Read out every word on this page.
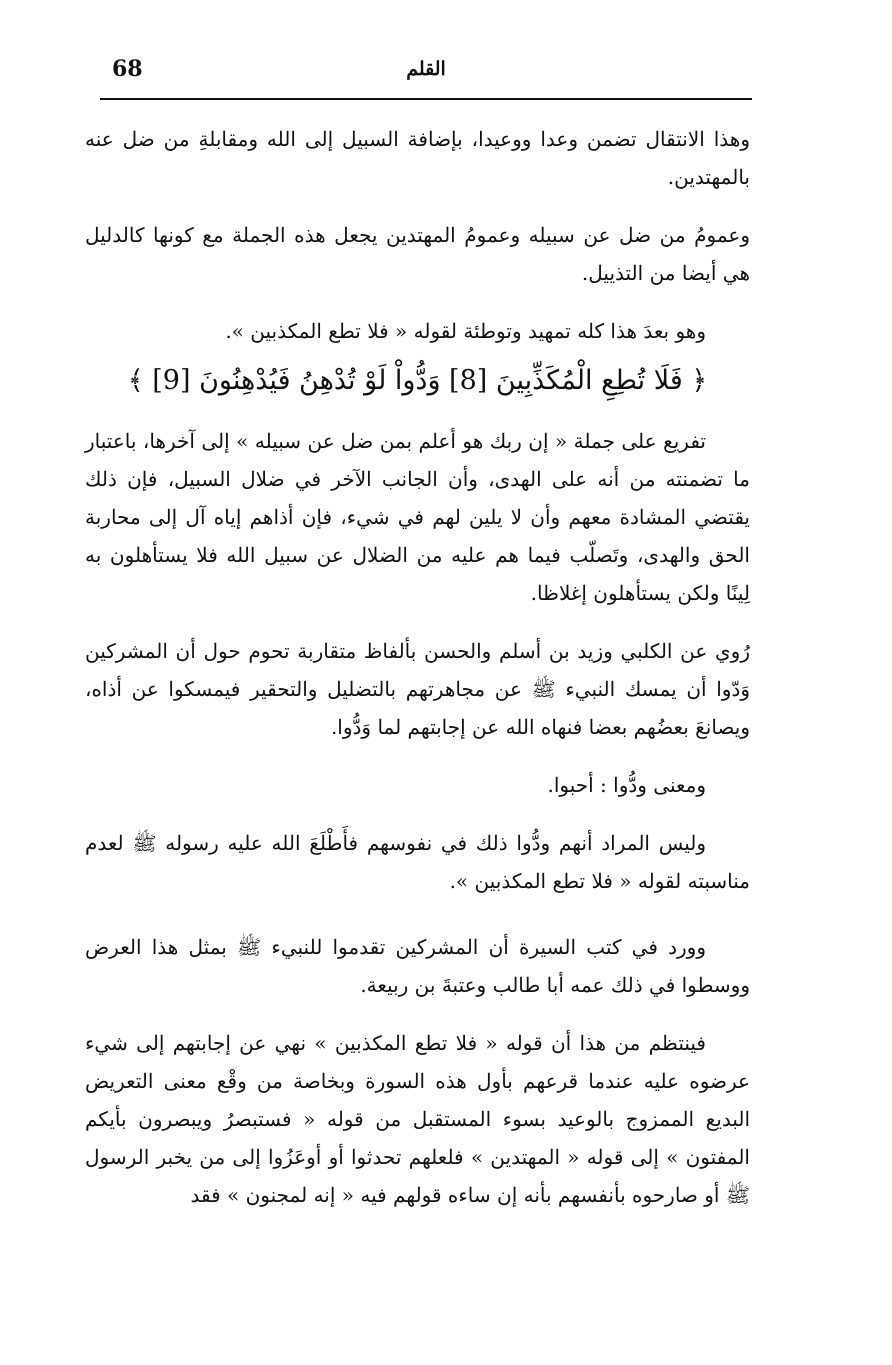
68	القلم

وهذا الانتقال تضمن وعدا ووعيدا، بإضافة السبيل إلى الله ومقابلةِ من ضل عنه بالمهتدين.

وعمومُ من ضل عن سبيله وعمومُ المهتدين يجعل هذه الجملة مع كونها كالدليل هي أيضا من التذييل.

وهو بعدَ هذا كله تمهيد وتوطئة لقوله « فلا تطع المكذبين ».

﴿ فَلَا تُطِعِ الْمُكَذِّبِينَ [8] وَدُّواْ لَوْ تُدْهِنُ فَيُدْهِنُونَ [9] ﴾

تفريع على جملة « إن ربك هو أعلم بمن ضل عن سبيله » إلى آخرها، باعتبار ما تضمنته من أنه على الهدى، وأن الجانب الآخر في ضلال السبيل، فإن ذلك يقتضي المشادة معهم وأن لا يلين لهم في شيء، فإن أذاهم إياه آل إلى محاربة الحق والهدى، وتَصلّب فيما هم عليه من الضلال عن سبيل الله فلا يستأهلون به لِينًا ولكن يستأهلون إغلاظا.

رُوي عن الكلبي وزيد بن أسلم والحسن بألفاظ متقاربة تحوم حول أن المشركين وَدّوا أن يمسك النبيء ﷺ عن مجاهرتهم بالتضليل والتحقير فيمسكوا عن أذاه، ويصانعَ بعضُهم بعضا فنهاه الله عن إجابتهم لما وَدُّوا.

ومعنى ودُّوا : أحبوا.

وليس المراد أنهم ودُّوا ذلك في نفوسهم فأَطْلَعَ الله عليه رسوله ﷺ لعدم مناسبته لقوله « فلا تطع المكذبين ».

وورد في كتب السيرة أن المشركين تقدموا للنبيء ﷺ بمثل هذا العرض ووسطوا في ذلك عمه أبا طالب وعتبةَ بن ربيعة.

فينتظم من هذا أن قوله « فلا تطع المكذبين » نهي عن إجابتهم إلى شيء عرضوه عليه عندما قرعهم بأول هذه السورة وبخاصة من وقْع معنى التعريض البديع الممزوج بالوعيد بسوء المستقبل من قوله « فستبصرُ ويبصرون بأيكم المفتون » إلى قوله « المهتدين » فلعلهم تحدثوا أو أوعَزُوا إلى من يخبر الرسول ﷺ أو صارحوه بأنفسهم بأنه إن ساءه قولهم فيه « إنه لمجنون » فقد
